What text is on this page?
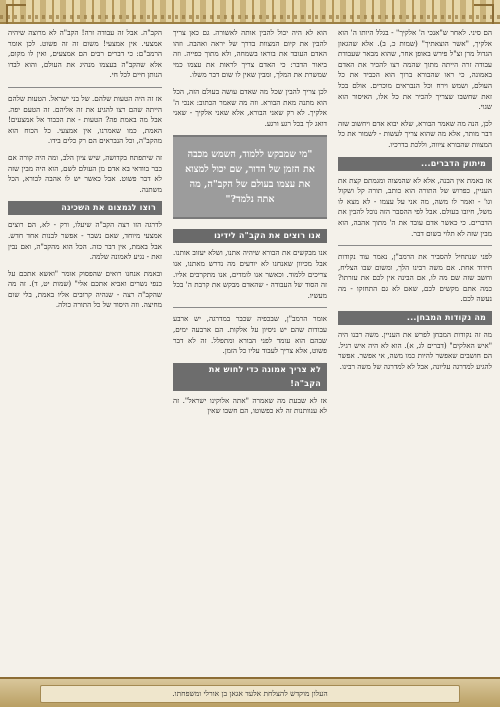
הם סיני. לאחר ש"אנכי ה' אלקיך" - בגלל היותו ה' הוא אלקיך, "אשר הוצאתיך" (שמות כ, ב). אלא שהגאון הגדול מרן זצ"ל פירש באופן אחר, שהוא מבאר שעבודת עבודה זרה הייתה מתוך שהמה רצו להכיר את האדם באמונה, כי ראו שהבורא ברוך הוא הכביד את כל העולם, ושמש וירח וכל הנבראים מוכרים. אולם בכל זאת שחשבו שצריך להכיר את כל אלו, האיסור הוא שגוי.

לכן, הנה מה שאמר הבורא, שלא יבוא אדם ויחשוב שזה דבר מותר, אלא מה שהוא צריך לעשות - לשמור את כל המצוות שהבורא ציווה, וללכת בדרכיו.

מיתוק הדברים...

אז באמת אין הבנה, אלא לא שהמצוה ומגמתם קצת את העניין, כפרוש של התורה הוא כותב, תורה קל ושקול וגו' - ואמר לו משה, מה אני על עצמו - לא מצא לו משל, חיובו בעולם. אבל לפי ההסבר הזה נוכל להבין את הדברים. כי כאשר אדם עובד את ה' מתוך אהבה, הוא מבין שזה לא תלוי בשום דבר.

לפני שנתחיל להסביר את הרמב"ן, נאמר עוד נקודות חידוד אחת. אם משה רבינו הלך, ומשום שבו הצליח, וחשב שזה שם מה לו, אם הבינה אין לכם את עזרתו? כמה אתם מקשים לכם, שאם לא גם התחזקו - מה נעשה לכם.

מה נקודות המבחן...

מה זה נקודות המבחן לפרש את העניין. משה רבנו היה "איש האלקים" (דברים לג, א). הוא לא היה איש רגיל. הם חושבים שאפשר להיות כמו משה, אי אפשר. אפשר להגיע למדרגה עליונה, אבל לא למדרגה של משה רבינו.

הוא לא היה יכול להבין אותה לאשורה. גם כאן צריך להבין את קיום המצוות בדרך של יראה ואהבה. וזהו האדם העובד את בוראו בשמחה, ולא מתוך כפייה. וזה ביאור הדבר: כי האדם צריך לראות את עצמו כמי שמשרת את המלך, ומבין שאין לו שום דבר משלו.

לכן צריך להבין שכל מה שאדם עושה בעולם הזה, הכל הוא מתנה מאת הבורא. וזה מה שאמר הכתוב: אנכי ה' אלקיך. לא רק שאני הבורא, אלא שאני אלקיך - שאני דואג לך בכל רגע ורגע.

"מי שמבקש ללמוד, השמש מכבה את הזמן של הדור, שם יכול למצוא את עצמו בעולם של הקב"ה, מה אתה נלמד?"
אנו רוצים את הקב"ה לידינו

אנו מבקשים את הבורא שיהיה אתנו, ושלא יעזוב אותנו. אבל מכיוון שאנחנו לא יודעים מה נדרש מאתנו, אנו צריכים ללמוד. וכאשר אנו לומדים, אנו מתקרבים אליו. זה הסוד של העבודה - שהאדם מבקש את קרבת ה' בכל מעשיו.

אומר הרמב"ן, שבכפיה שכבר במדרגה, יש ארבע עבודות שהם יש ניסיון על אלקות. הם ארבעה ימים, שבהם הוא עומד לפני הבורא ומתפלל. זה לא דבר פשוט, אלא צריך לעבוד עליו כל הזמן.

לא צריך אמונה כדי לחוש את הקב"ה!

אז לא שבעת מה שאמרה "אתה אלוקינו ישראל". זה לא ענוותנות זה לא כפשוטו, הם חשבו שאין

הקב"ה. אבל זה עבודה זרה! הקב"ה לא מרוצה שיהיה אמצעי. אין אמצעי! משום זה זה פשוט. לכן אומר הרמב"ם: כי דברים רבים הם אמצעים, ואין לו מקום, אלא שהקב"ה בעצמו מנהיג את העולם, והוא לבדו הנותן חיים לכל חי.

אז זה היה הטעות שלהם. של בני ישראל. הטעות שלהם הייתה שהם רצו להגיע את זה אליהם. זה הטעם יפה. אבל מה באמת פה? הטעות - את הכבוד אל אמצעים! האמת, כמו שאמרנו, אין אמצעי. כל הכוח הוא מהקב"ה, וכל הנבראים הם רק כלים בידו.

זה שיתפתח בקדושה, שיש ציון הלב, ומה היה קורה אם כבר בוודאי בא אדם מן העולם לשם, הוא היה מבין שזה לא דבר פשוט. אבל כאשר יש לו אהבה לבורא, הכל משתנה.

רוצו לגמצום את השכינה

לדרגה הזו רצה הקב"ה שיעלו, ורק - לא, הם רוצים אמצעי מיוחד, שאם נשבר - אפשר לבנות אחד חדש. אבל באמת, אין דבר כזה. הכל הוא מהקב"ה, ואם נבין זאת - נגיע לאמונה שלמה.

ובאמת אנחנו רואים שהפסוק אומר "ואשא אתכם על כנפי נשרים ואביא אתכם אלי" (שמות יט, ד). זה מה שהקב"ה רצה - שנהיה קרובים אליו באמת, בלי שום מחיצה. וזה היסוד של כל התורה כולה.

העלון מוקדש להצלחת אלעד אגאן בן אורלי ומשפחתו.
